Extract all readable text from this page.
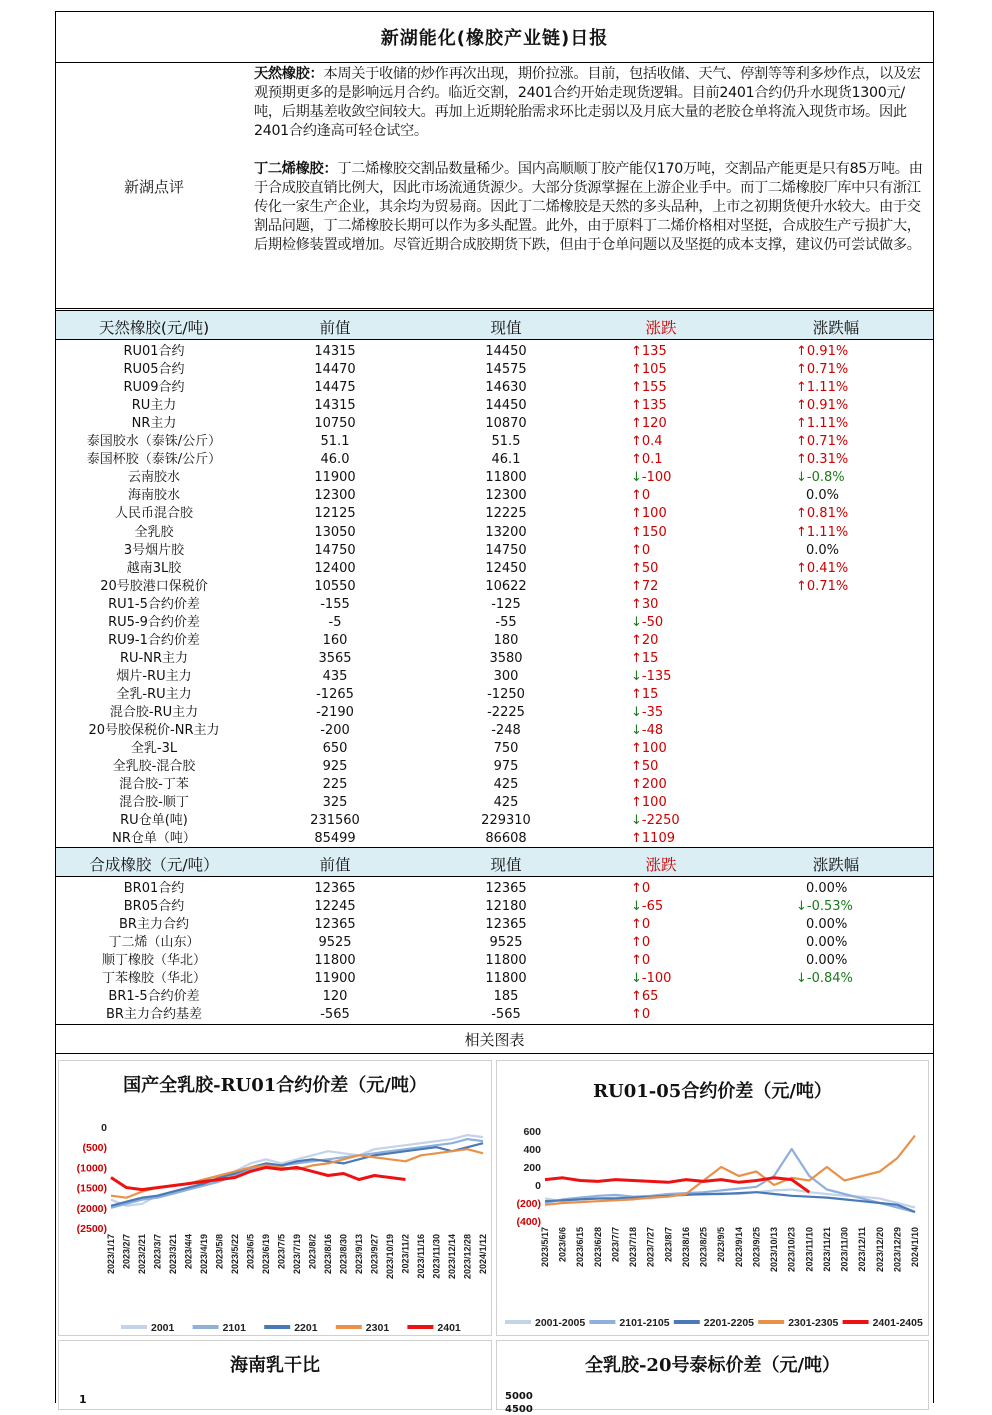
新湖能化(橡胶产业链)日报
新湖点评

天然橡胶：本周关于收储的炒作再次出现，期价拉涨。目前，包括收储、天气、停割等等利多炒作点，以及宏观预期更多的是影响远月合约。临近交割，2401合约开始走现货逻辑。目前2401合约仍升水现货1300元/吨，后期基差收敛空间较大。再加上近期轮胎需求环比走弱以及月底大量的老胶仓单将流入现货市场。因此2401合约逢高可轻仓试空。

丁二烯橡胶：丁二烯橡胶交割品数量稀少。国内高顺顺丁胶产能仅170万吨，交割品产能更是只有85万吨。由于合成胶直销比例大，因此市场流通货源少。大部分货源掌握在上游企业手中。而丁二烯橡胶厂库中只有浙江传化一家生产企业，其余均为贸易商。因此丁二烯橡胶是天然的多头品种，上市之初期货便升水较大。由于交割品问题，丁二烯橡胶长期可以作为多头配置。此外，由于原料丁二烯价格相对坚挺，合成胶生产亏损扩大，后期检修装置或增加。尽管近期合成胶期货下跌，但由于仓单问题以及坚挺的成本支撑，建议仍可尝试做多。

天然橡胶(元/吨)	前值	现值	涨跌	涨跌幅
RU01合约	14315	14450	↑135	↑0.91%
RU05合约	14470	14575	↑105	↑0.71%
RU09合约	14475	14630	↑155	↑1.11%
RU主力	14315	14450	↑135	↑0.91%
NR主力	10750	10870	↑120	↑1.11%
泰国胶水（泰铢/公斤）	51.1	51.5	↑0.4	↑0.71%
泰国杯胶（泰铢/公斤）	46.0	46.1	↑0.1	↑0.31%
云南胶水	11900	11800	↓-100	↓-0.8%
海南胶水	12300	12300	↑0	0.0%
人民币混合胶	12125	12225	↑100	↑0.81%
全乳胶	13050	13200	↑150	↑1.11%
3号烟片胶	14750	14750	↑0	0.0%
越南3L胶	12400	12450	↑50	↑0.41%
20号胶港口保税价	10550	10622	↑72	↑0.71%
RU1-5合约价差	-155	-125	↑30
RU5-9合约价差	-5	-55	↓-50
RU9-1合约价差	160	180	↑20
RU-NR主力	3565	3580	↑15
烟片-RU主力	435	300	↓-135
全乳-RU主力	-1265	-1250	↑15
混合胶-RU主力	-2190	-2225	↓-35
20号胶保税价-NR主力	-200	-248	↓-48
全乳-3L	650	750	↑100
全乳胶-混合胶	925	975	↑50
混合胶-丁苯	225	425	↑200
混合胶-顺丁	325	425	↑100
RU仓单(吨)	231560	229310	↓-2250
NR仓单（吨）	85499	86608	↑1109
合成橡胶（元/吨）	前值	现值	涨跌	涨跌幅
BR01合约	12365	12365	↑0	0.00%
BR05合约	12245	12180	↓-65	↓-0.53%
BR主力合约	12365	12365	↑0	0.00%
丁二烯（山东）	9525	9525	↑0	0.00%
顺丁橡胶（华北）	11800	11800	↑0	0.00%
丁苯橡胶（华北）	11900	11800	↓-100	↓-0.84%
BR1-5合约价差	120	185	↑65
BR主力合约基差	-565	-565	↑0
相关图表
国产全乳胶-RU01合约价差（元/吨）
0
(500)
(1000)
(1500)
(2000)
(2500)
2023/1/17 2023/2/7 2023/2/21 2023/3/7 2023/3/21 2023/4/4 2023/4/19 2023/5/8 2023/5/22 2023/6/5 2023/6/19 2023/7/5 2023/7/19 2023/8/2 2023/8/16 2023/8/30 2023/9/13 2023/9/27 2023/10/19 2023/11/2 2023/11/16 2023/11/30 2023/12/14 2023/12/28 2024/1/12
2001	2101	2201	2301	2401
RU01-05合约价差（元/吨）
600
400
200
0
(200)
(400)
2023/5/17 2023/6/6 2023/6/15 2023/6/28 2023/7/7 2023/7/18 2023/7/27 2023/8/7 2023/8/16 2023/8/25 2023/9/5 2023/9/14 2023/9/25 2023/10/13 2023/10/23 2023/11/10 2023/11/21 2023/11/30 2023/12/11 2023/12/20 2023/12/29 2024/1/10
2001-2005	2101-2105	2201-2205	2301-2305	2401-2405
海南乳干比
1
全乳胶-20号泰标价差（元/吨）
5000
4500
